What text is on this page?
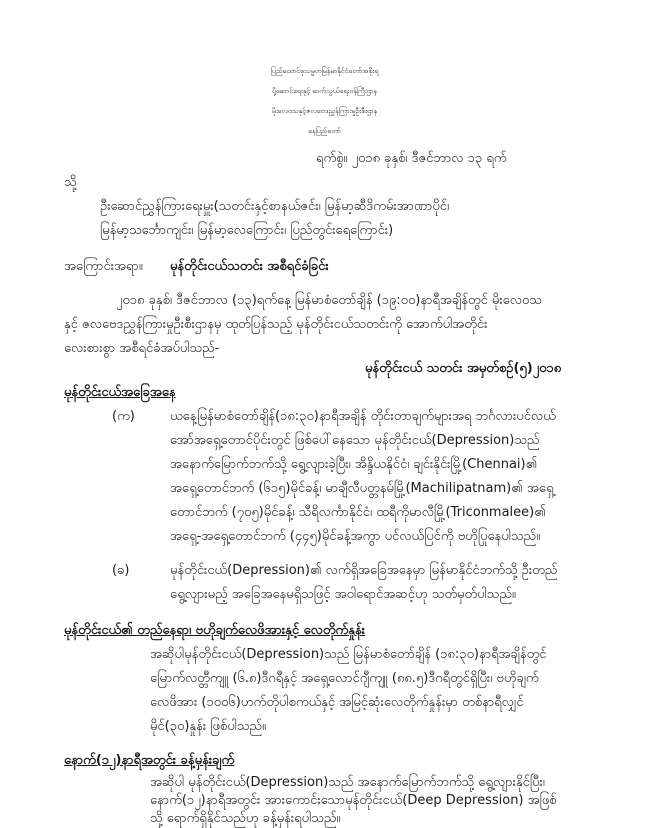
ပြည်ထောင်စုသမ္မတမြန်မာနိုင်ငံတော်အစိုးရ
ပို့ဆောင်ရေးနှင့် ဆက်သွယ်ရေးဝန်ကြီးဌာန
မိုးလေဝသနှင့်ဇလဗေဒညွှန်ကြားမှုဦးစီးဌာန
နေပြည်တော်
ရက်စွဲ။ ၂၀၁၈ ခုနှစ်၊ ဒီဇင်ဘာလ ၁၃ ရက်
သို့
ဦးဆောင်ညွှန်ကြားရေးမှူး(သတင်းနှင့်စာနယ်ဇင်း၊ မြန်မာ့ဆီဒိကမ်းအာဏာပိုင်၊
မြန်မာ့သင်္ဘောကျင်း၊ မြန်မာ့လေကြောင်း၊ ပြည်တွင်းရေကြောင်း)
အကြောင်းအရာ။ မုန်တိုင်းငယ်သတင်း အစီရင်ခံခြင်း
၂၀၁၈ ခုနှစ်၊ ဒီဇင်ဘာလ (၁၃)ရက်နေ့ မြန်မာစံတော်ချိန် (၁၉:၀၀)နာရီအချိန်တွင် မိုးလေဝသ
နှင့် ဇလဗေဒညွှန်ကြားမှုဦးစီးဌာနမှ ထုတ်ပြန်သည့် မုန်တိုင်းငယ်သတင်းကို အောက်ပါအတိုင်း
လေးစားစွာ အစီရင်ခံအပ်ပါသည်-
မုန်တိုင်းငယ် သတင်း အမှတ်စဉ်(၅)၂၀၁၈
မုန်တိုင်းငယ်အခြေအနေ
(က)	ယနေ့မြန်မာစံတော်ချိန်(၁၈:၃၀)နာရီအချိန် တိုင်းတာချက်များအရ ဘင်္ဂလားပင်လယ်
အော်အရှေ့တောင်ပိုင်းတွင် ဖြစ်ပေါ်နေသော မုန်တိုင်းငယ်(Depression)သည်
အနောက်မြောက်ဘက်သို့ ရွေ့လျားခဲ့ပြီး၊ အိန္ဒိယနိုင်ငံ၊ ချင်းနိုင်းမြို့(Chennai)၏
အရှေ့တောင်ဘက် (၆၁၅)မိုင်ခန့်၊ မာချီလီပတ္တနမ်မြို့(Machilipatnam)၏ အရှေ့
တောင်ဘက် (၇၀၅)မိုင်ခန့်၊ သီရိလင်္ကာနိုင်ငံ၊ ထရီကိုမာလီမြို့(Triconmalee)၏
အရှေ့-အရှေ့တောင်ဘက် (၄၄၅)မိုင်ခန့်အကွာ ပင်လယ်ပြင်ကို ဗဟိုပြုနေပါသည်။
(ခ)	မုန်တိုင်းငယ်(Depression)၏ လက်ရှိအခြေအနေမှာ မြန်မာနိုင်ငံဘက်သို့ ဦးတည်
ရွေ့လျားမည့် အခြေအနေမရှိသဖြင့် အဝါရောင်အဆင့်ဟု သတ်မှတ်ပါသည်။
မုန်တိုင်းငယ်၏ တည်နေရာ၊ ဗဟိုချက်လေဖိအားနှင့် လေတိုက်နှုန်း
အဆိုပါမုန်တိုင်းငယ်(Depression)သည် မြန်မာစံတော်ချိန် (၁၈:၃၀)နာရီအချိန်တွင်
မြောက်လတ္တီကျူ (၆.၈)ဒီဂရီနှင့် အရှေ့လောင်ဂျီကျူ (၈၈.၅)ဒီဂရီတွင်ရှိပြီး၊ ဗဟိုချက်
လေဖိအား (၁၀၀၆)ဟက်တိုပါစကယ်နှင့် အမြင့်ဆုံးလေတိုက်နှုန်းမှာ တစ်နာရီလျှင်
မိုင်(၃၀)နှုန်း ဖြစ်ပါသည်။
နောက်(၁၂)နာရီအတွင်း ခန့်မှန်းချက်
အဆိုပါ မုန်တိုင်းငယ်(Depression)သည် အနောက်မြောက်ဘက်သို့ ရွေ့လျားနိုင်ပြီး၊
နောက်(၁၂)နာရီအတွင်း အားကောင်းသောမုန်တိုင်းငယ်(Deep Depression) အဖြစ်
သို့ ရောက်ရှိနိုင်သည်ဟု ခန့်မှန်းရပါသည်။
